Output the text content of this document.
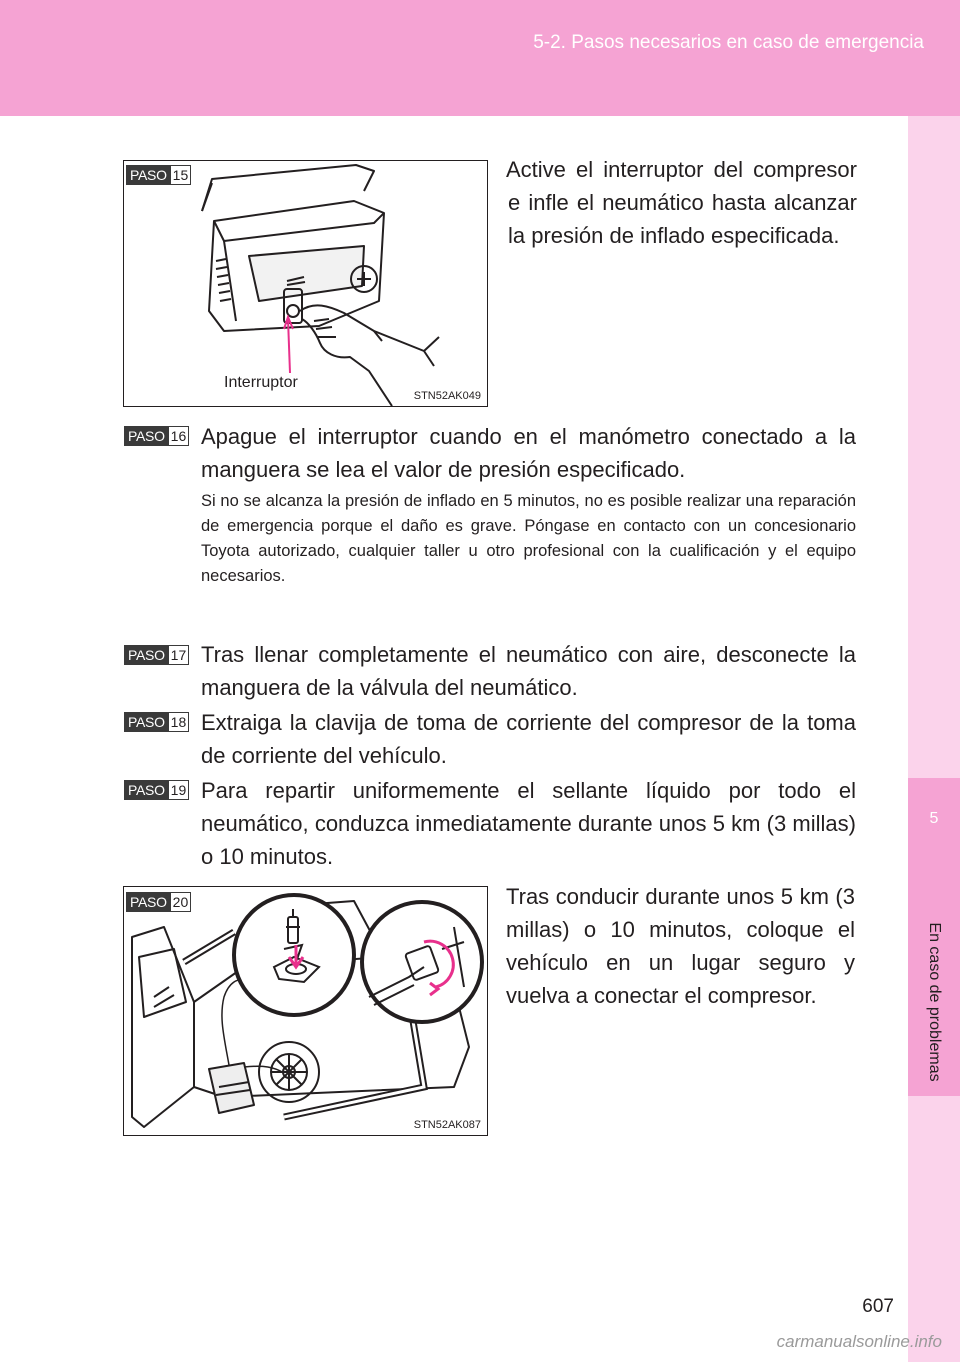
5-2. Pasos necesarios en caso de emergencia
5
En caso de problemas
PASO 15
Interruptor
STN52AK049
Active el interruptor del compresor e infle el neumático hasta alcanzar la presión de inflado especificada.
PASO 16 Apague el interruptor cuando en el manómetro conectado a la manguera se lea el valor de presión especificado.
Si no se alcanza la presión de inflado en 5 minutos, no es posible realizar una reparación de emergencia porque el daño es grave. Póngase en contacto con un concesionario Toyota autorizado, cualquier taller u otro profesional con la cualificación y el equipo necesarios.
PASO 17 Tras llenar completamente el neumático con aire, desconecte la manguera de la válvula del neumático.
PASO 18 Extraiga la clavija de toma de corriente del compresor de la toma de corriente del vehículo.
PASO 19 Para repartir uniformemente el sellante líquido por todo el neumático, conduzca inmediatamente durante unos 5 km (3 millas) o 10 minutos.
PASO 20
STN52AK087
Tras conducir durante unos 5 km (3 millas) o 10 minutos, coloque el vehículo en un lugar seguro y vuelva a conectar el compresor.
607
carmanualsonline.info
